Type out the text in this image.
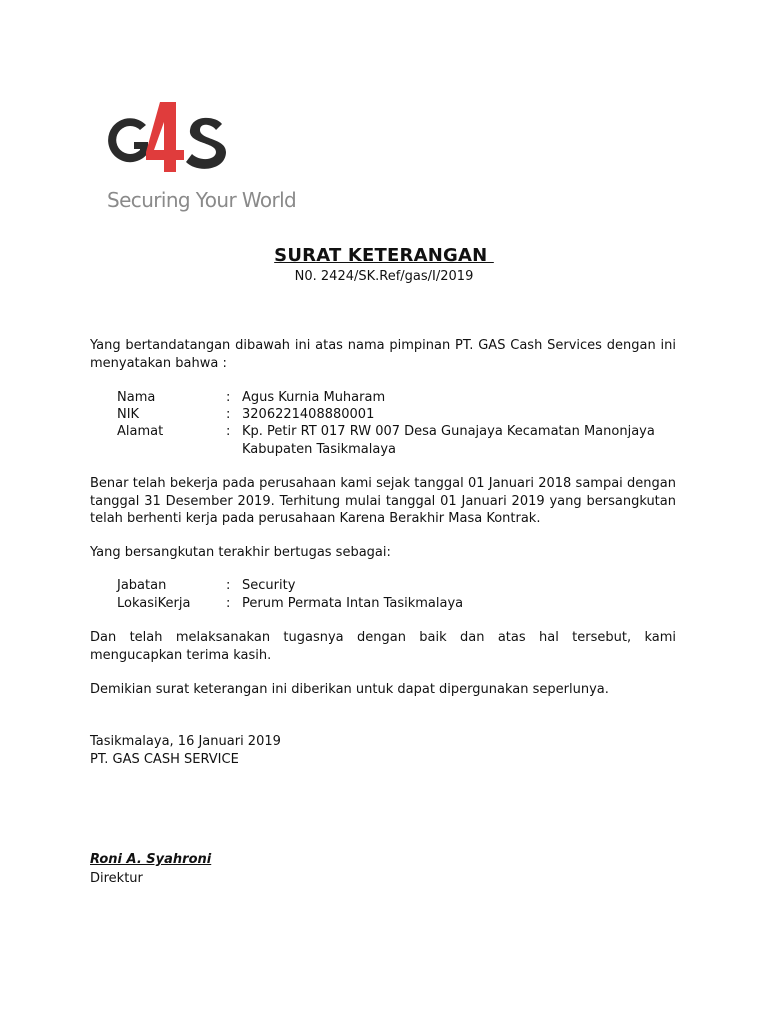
Securing Your World
SURAT KETERANGAN
N0. 2424/SK.Ref/gas/I/2019

Yang bertandatangan dibawah ini atas nama pimpinan PT. GAS Cash Services dengan ini menyatakan bahwa :

Nama	: Agus Kurnia Muharam
NIK	: 3206221408880001
Alamat	: Kp. Petir RT 017 RW 007 Desa Gunajaya Kecamatan Manonjaya Kabupaten Tasikmalaya

Benar telah bekerja pada perusahaan kami sejak tanggal 01 Januari 2018 sampai dengan tanggal 31 Desember 2019. Terhitung mulai tanggal 01 Januari 2019 yang bersangkutan telah berhenti kerja pada perusahaan Karena Berakhir Masa Kontrak.

Yang bersangkutan terakhir bertugas sebagai:
Jabatan	: Security
LokasiKerja	: Perum Permata Intan Tasikmalaya

Dan telah melaksanakan tugasnya dengan baik dan atas hal tersebut, kami mengucapkan terima kasih.

Demikian surat keterangan ini diberikan untuk dapat dipergunakan seperlunya.
Tasikmalaya, 16 Januari 2019
PT. GAS CASH SERVICE
Roni A. Syahroni
Direktur
